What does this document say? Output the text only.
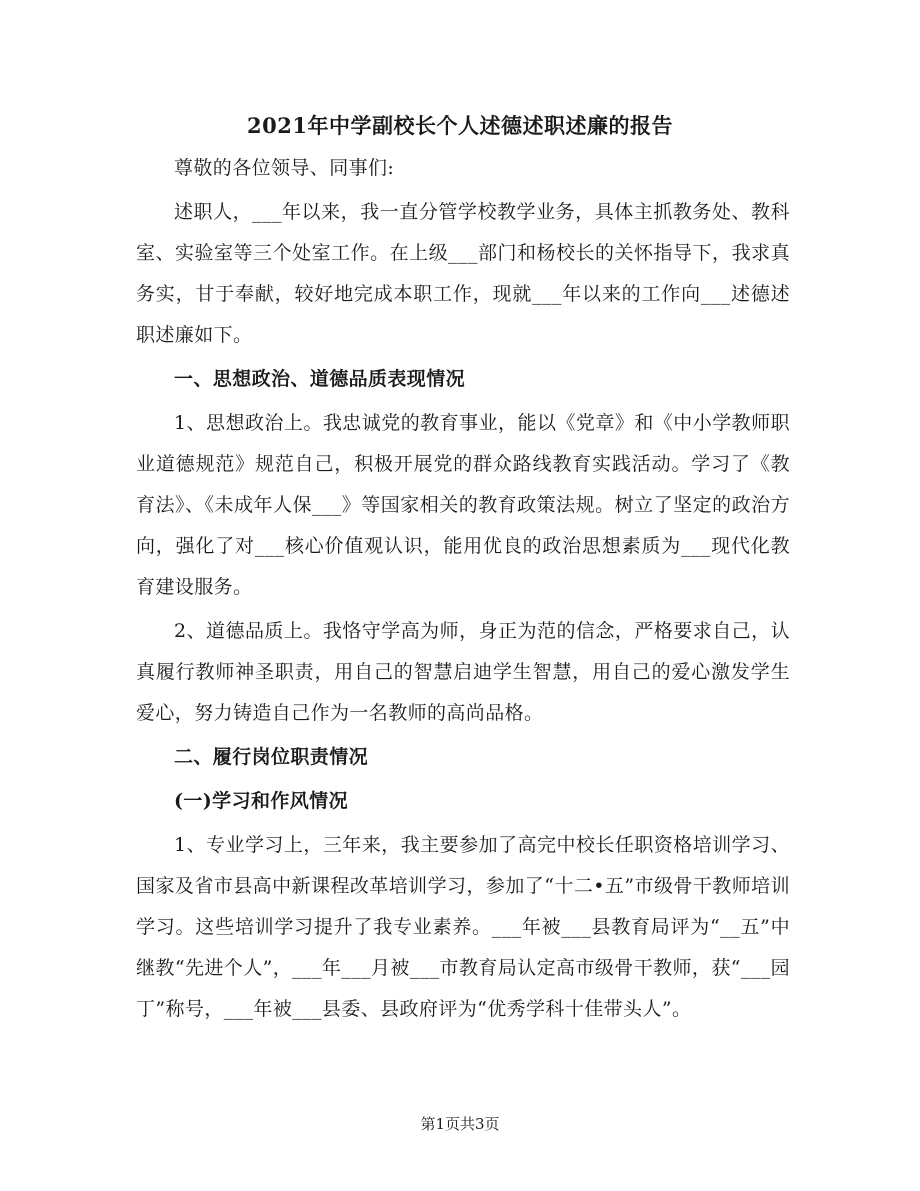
2021年中学副校长个人述德述职述廉的报告

尊敬的各位领导、同事们:

述职人，___年以来，我一直分管学校教学业务，具体主抓教务处、教科室、实验室等三个处室工作。在上级___部门和杨校长的关怀指导下，我求真务实，甘于奉献，较好地完成本职工作，现就___年以来的工作向___述德述职述廉如下。

一、思想政治、道德品质表现情况

1、思想政治上。我忠诚党的教育事业，能以《党章》和《中小学教师职业道德规范》规范自己，积极开展党的群众路线教育实践活动。学习了《教育法》、《未成年人保___》等国家相关的教育政策法规。树立了坚定的政治方向，强化了对___核心价值观认识，能用优良的政治思想素质为___现代化教育建设服务。

2、道德品质上。我恪守学高为师，身正为范的信念，严格要求自己，认真履行教师神圣职责，用自己的智慧启迪学生智慧，用自己的爱心激发学生爱心，努力铸造自己作为一名教师的高尚品格。

二、履行岗位职责情况

(一)学习和作风情况

1、专业学习上，三年来，我主要参加了高完中校长任职资格培训学习、国家及省市县高中新课程改革培训学习，参加了“十二•五”市级骨干教师培训学习。这些培训学习提升了我专业素养。___年被___县教育局评为“__五”中继教“先进个人”，___年___月被___市教育局认定高市级骨干教师，获“___园丁”称号，___年被___县委、县政府评为“优秀学科十佳带头人”。

第1页共3页
